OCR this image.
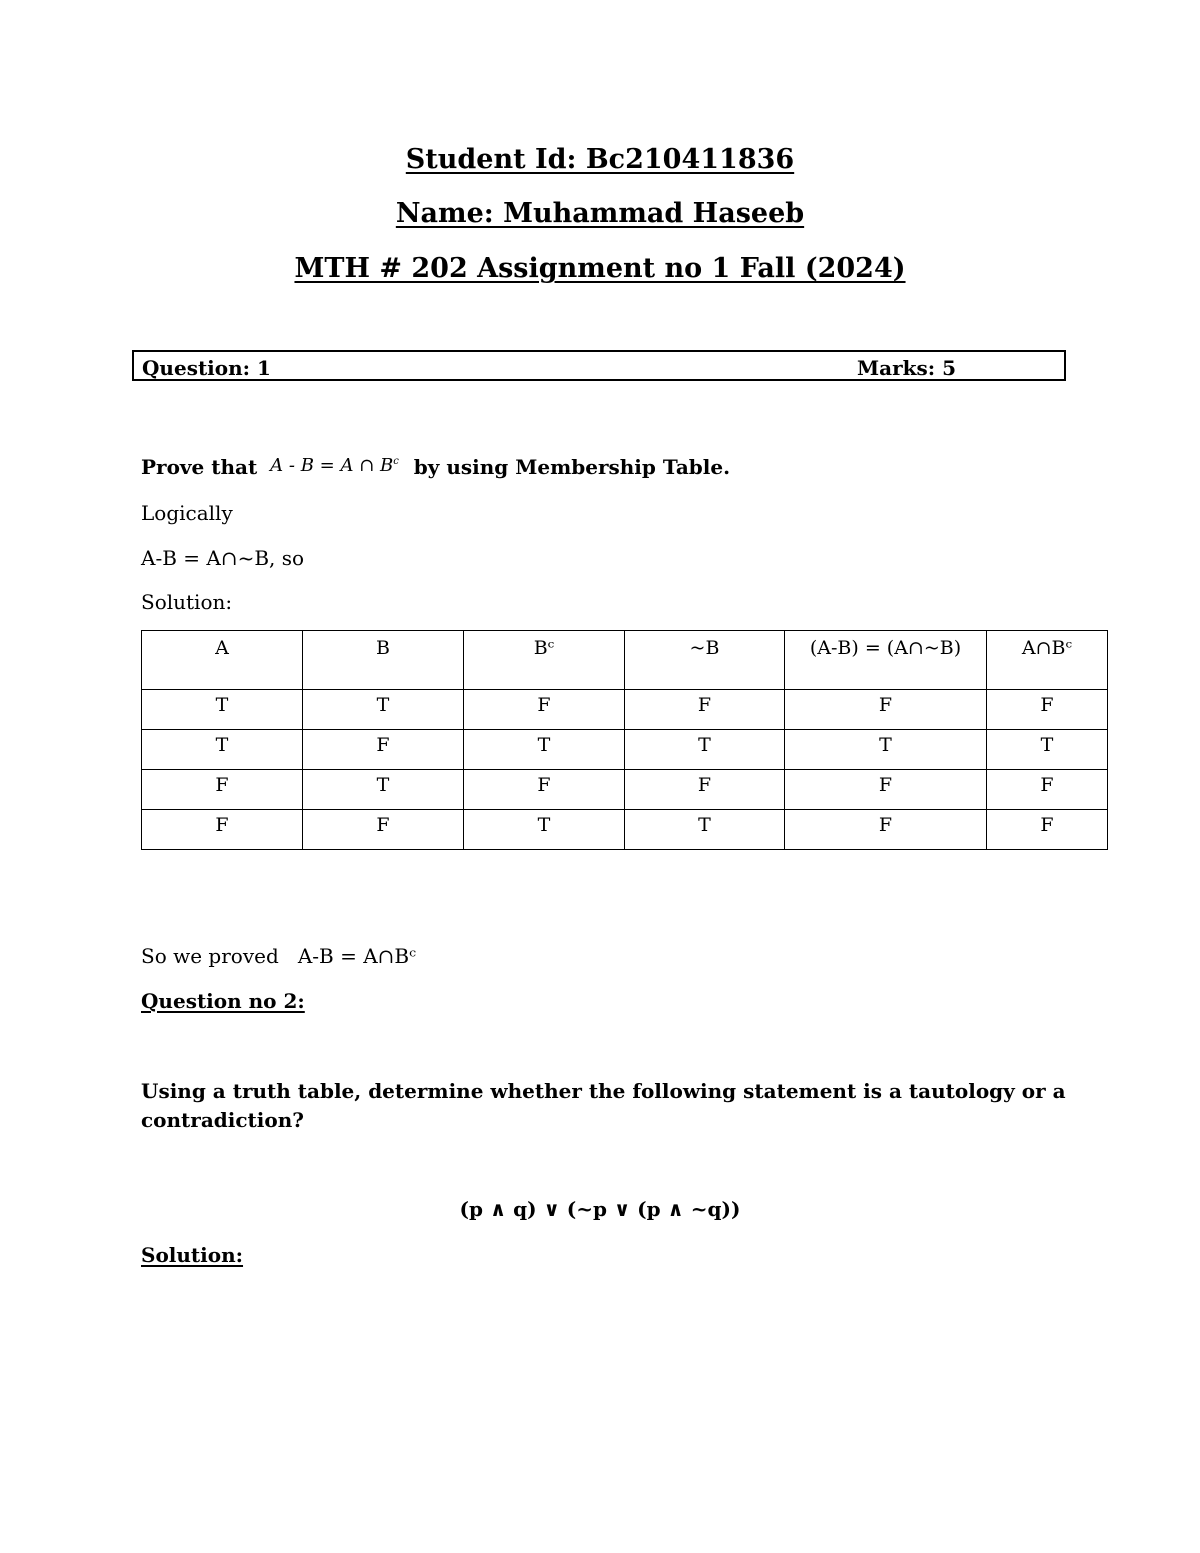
Student Id: Bc210411836
Name: Muhammad Haseeb
MTH # 202 Assignment no 1 Fall (2024)
Question: 1	Marks: 5
Prove that A - B = A ∩ $B^c$ by using Membership Table.
Logically
A-B = A∩~B, so
Solution:
A	B	Bᶜ	~B	(A-B) = (A∩~B)	A∩Bᶜ
T	T	F	F	F	F
T	F	T	T	T	T
F	T	F	F	F	F
F	F	T	T	F	F
So we proved   A-B = A∩Bᶜ
Question no 2:
Using a truth table, determine whether the following statement is a tautology or a
contradiction?
(p ∧ q) ∨ (~p ∨ (p ∧ ~q))
Solution:
